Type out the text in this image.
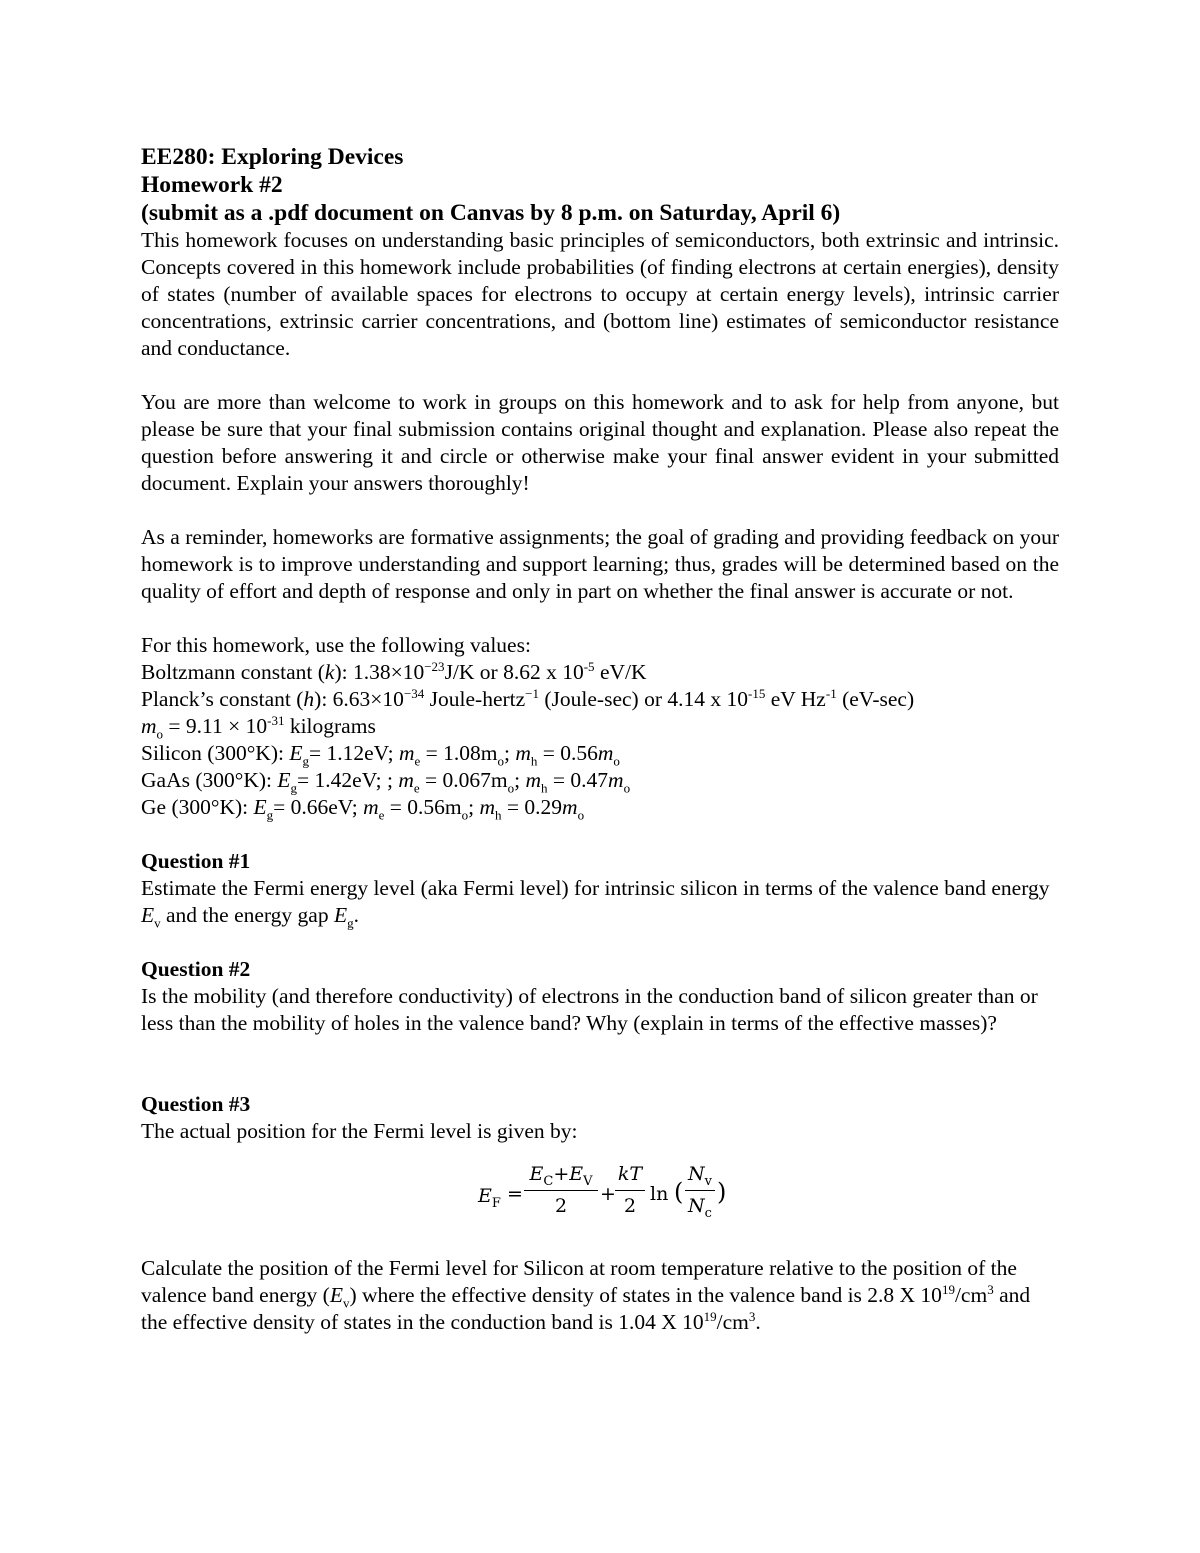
EE280: Exploring Devices
Homework #2
(submit as a .pdf document on Canvas by 8 p.m. on Saturday, April 6)

This homework focuses on understanding basic principles of semiconductors, both extrinsic and intrinsic. Concepts covered in this homework include probabilities (of finding electrons at certain energies), density of states (number of available spaces for electrons to occupy at certain energy levels), intrinsic carrier concentrations, extrinsic carrier concentrations, and (bottom line) estimates of semiconductor resistance and conductance.

You are more than welcome to work in groups on this homework and to ask for help from anyone, but please be sure that your final submission contains original thought and explanation. Please also repeat the question before answering it and circle or otherwise make your final answer evident in your submitted document. Explain your answers thoroughly!

As a reminder, homeworks are formative assignments; the goal of grading and providing feedback on your homework is to improve understanding and support learning; thus, grades will be determined based on the quality of effort and depth of response and only in part on whether the final answer is accurate or not.

For this homework, use the following values:

Boltzmann constant (k): $1.38\times 10^{-23}J/K$ or 8.62 x $10^{-5}$ eV/K

Planck’s constant (h): $6.63\times 10^{-34}$ Joule-hertz$^{-1}$ (Joule-sec) or 4.14 x $10^{-15}$ eV $Hz^{-1}$ (eV-sec)

$m_o = 9.11 \times 10^{-31}$ kilograms

Silicon (300°K): $E_g= 1.12eV$; $m_e = 1.08m_o$; $m_h = 0.56m_o$

GaAs (300°K): $E_g= 1.42eV$; ; $m_e = 0.067m_o$; $m_h = 0.47m_o$

Ge (300°K): $E_g= 0.66eV$; $m_e = 0.56m_o$; $m_h = 0.29m_o$

Question #1

Estimate the Fermi energy level (aka Fermi level) for intrinsic silicon in terms of the valence band energy $E_v$ and the energy gap $E_g$.

Question #2

Is the mobility (and therefore conductivity) of electrons in the conduction band of silicon greater than or less than the mobility of holes in the valence band? Why (explain in terms of the effective masses)?

Question #3

The actual position for the Fermi level is given by:

$E_F = \frac{E_C+E_V}{2} + \frac{kT}{2}$ ln ( $\frac{N_v}{N_c}$ )

Calculate the position of the Fermi level for Silicon at room temperature relative to the position of the valence band energy $(E_v)$ where the effective density of states in the valence band is 2.8 X $10^{19}/cm^3$ and the effective density of states in the conduction band is 1.04 X $10^{19}/cm^3$.
